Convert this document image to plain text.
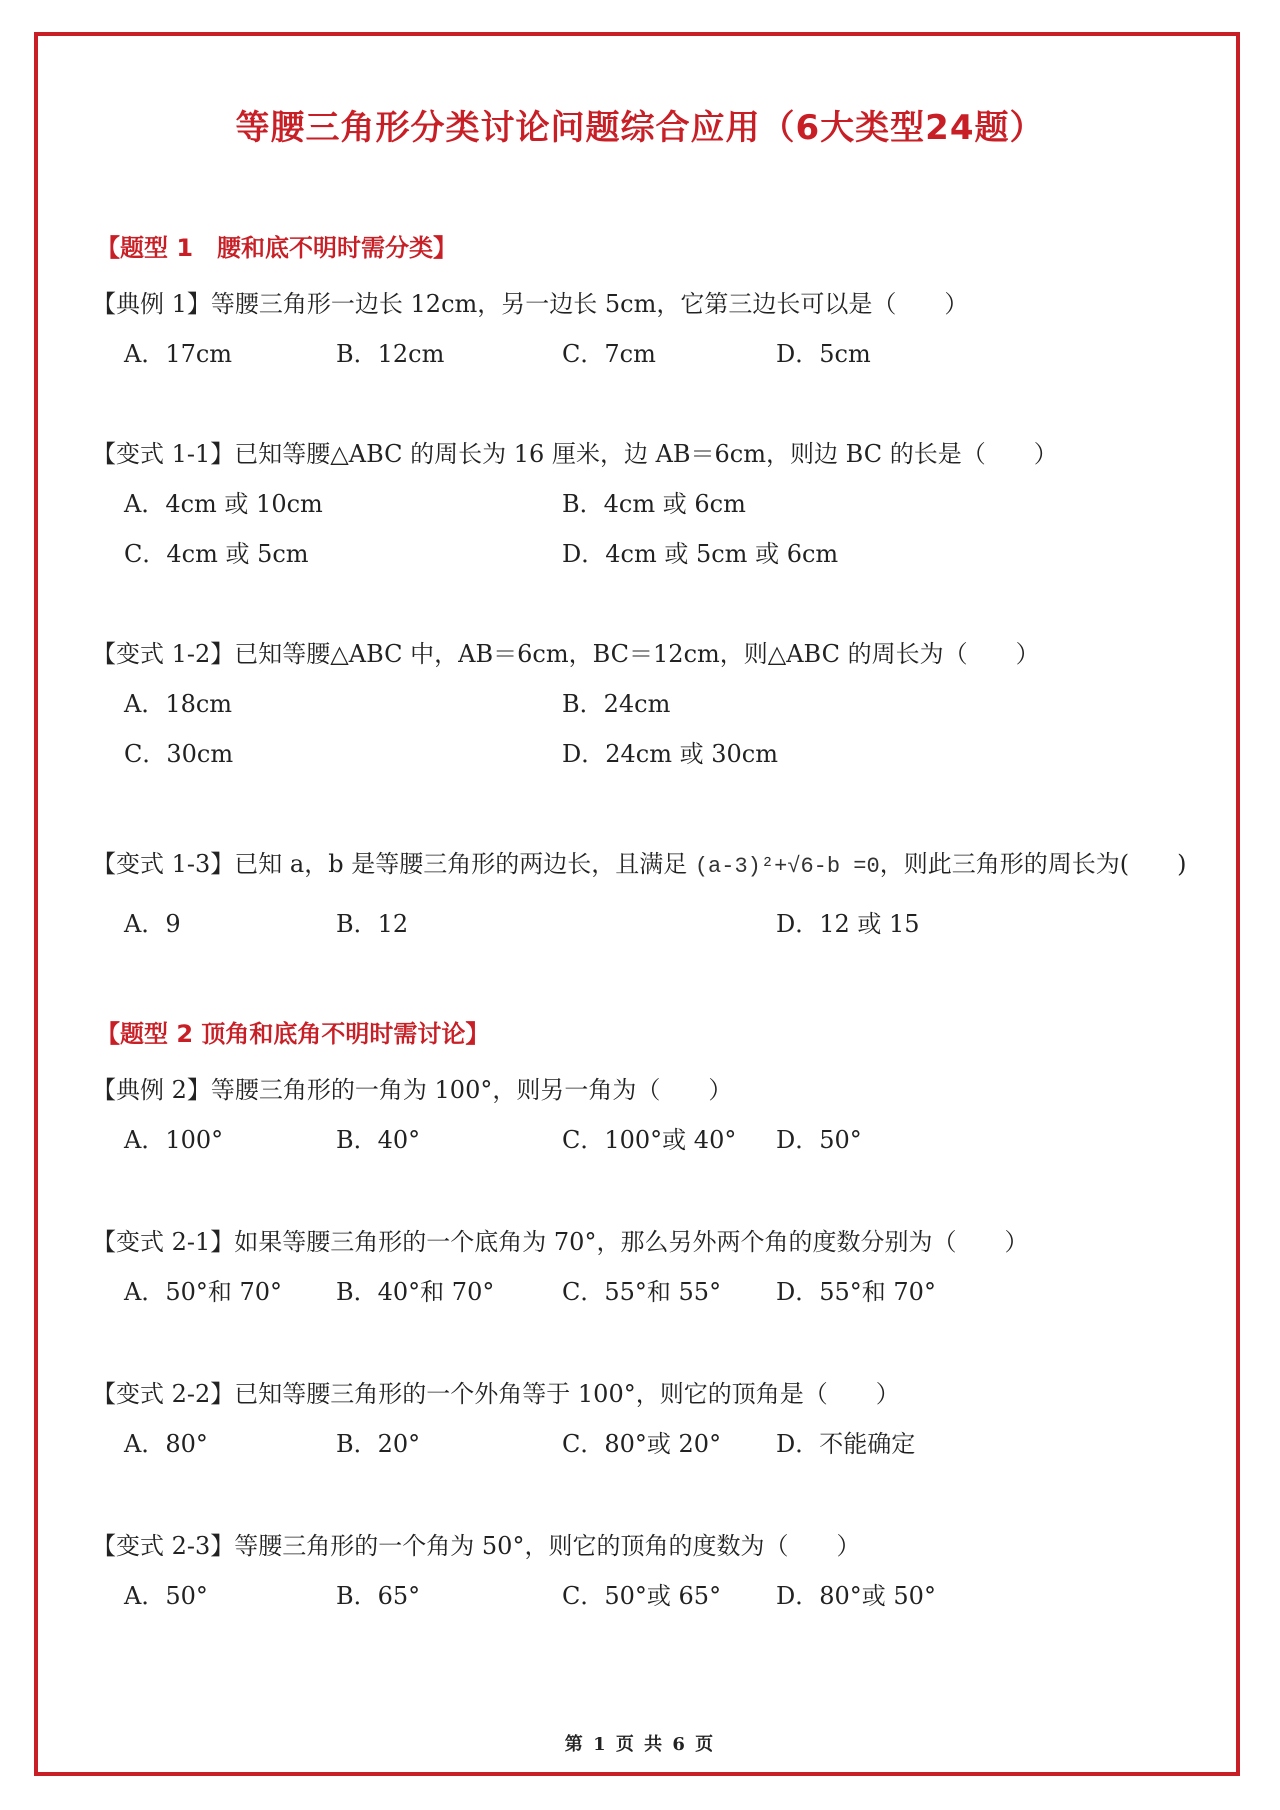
等腰三角形分类讨论问题综合应用（6大类型24题）
【题型 1　腰和底不明时需分类】
【典例 1】等腰三角形一边长 12cm，另一边长 5cm，它第三边长可以是（　　）
A．17cm	B．12cm	C．7cm	D．5cm
【变式 1-1】已知等腰△ABC 的周长为 16 厘米，边 AB＝6cm，则边 BC 的长是（　　）
A．4cm 或 10cm	B．4cm 或 6cm
C．4cm 或 5cm	D．4cm 或 5cm 或 6cm
【变式 1-2】已知等腰△ABC 中，AB＝6cm，BC＝12cm，则△ABC 的周长为（　　）
A．18cm	B．24cm
C．30cm	D．24cm 或 30cm
【变式 1-3】已知 a，b 是等腰三角形的两边长，且满足 (a-3)²+√6-b =0，则此三角形的周长为(　　)
A．9	B．12	D．12 或 15
【题型 2 顶角和底角不明时需讨论】
【典例 2】等腰三角形的一角为 100°，则另一角为（　　）
A．100°	B．40°	C．100°或 40° D．50°
【变式 2-1】如果等腰三角形的一个底角为 70°，那么另外两个角的度数分别为（　　）
A．50°和 70° B．40°和 70°	C．55°和 55° D．55°和 70°
【变式 2-2】已知等腰三角形的一个外角等于 100°，则它的顶角是（　　）
A．80°	B．20°	C．80°或 20° D．不能确定
【变式 2-3】等腰三角形的一个角为 50°，则它的顶角的度数为（　　）
A．50°	B．65°	C．50°或 65° D．80°或 50°
第 1 页 共 6 页
